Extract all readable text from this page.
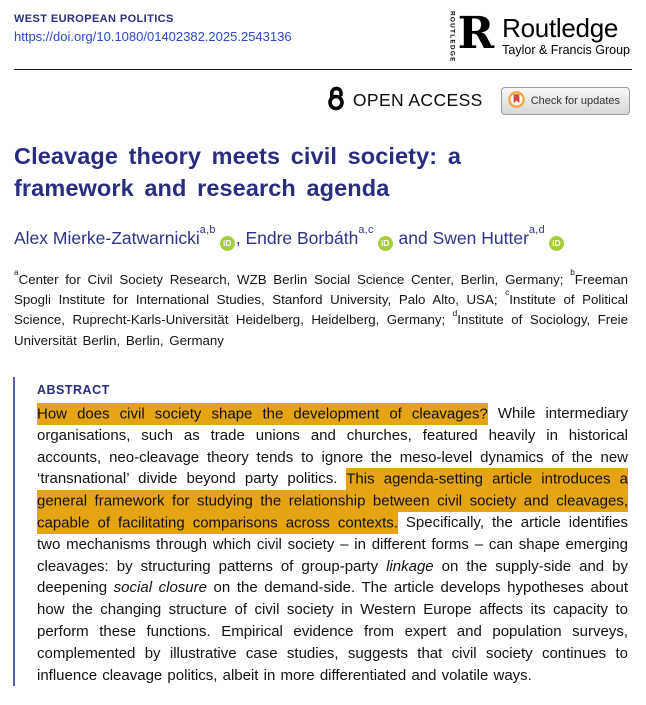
WEST EUROPEAN POLITICS
https://doi.org/10.1080/01402382.2025.2543136	ROUTLEDGE R Routledge
Taylor & Francis Group
OPEN ACCESS	Check for updates
Cleavage theory meets civil society: a framework and research agenda
Alex Mierke-Zatwarnicki$^{a,b}$iD , Endre Borbáth$^{a,c}$iD and Swen Hutter$^{a,d}$iD
$^a$Center for Civil Society Research, WZB Berlin Social Science Center, Berlin, Germany; $^b$Freeman Spogli Institute for International Studies, Stanford University, Palo Alto, USA; $^c$Institute of Political Science, Ruprecht-Karls-Universität Heidelberg, Heidelberg, Germany; $^d$Institute of Sociology, Freie Universität Berlin, Berlin, Germany
ABSTRACT

How does civil society shape the development of cleavages? While intermediary organisations, such as trade unions and churches, featured heavily in historical accounts, neo-cleavage theory tends to ignore the meso-level dynamics of the new ‘transnational’ divide beyond party politics. This agenda-setting article introduces a general framework for studying the relationship between civil society and cleavages, capable of facilitating comparisons across contexts. Specifically, the article identifies two mechanisms through which civil society – in different forms – can shape emerging cleavages: by structuring patterns of group-party linkage on the supply-side and by deepening social closure on the demand-side. The article develops hypotheses about how the changing structure of civil society in Western Europe affects its capacity to perform these functions. Empirical evidence from expert and population surveys, complemented by illustrative case studies, suggests that civil society continues to influence cleavage politics, albeit in more differentiated and volatile ways.
